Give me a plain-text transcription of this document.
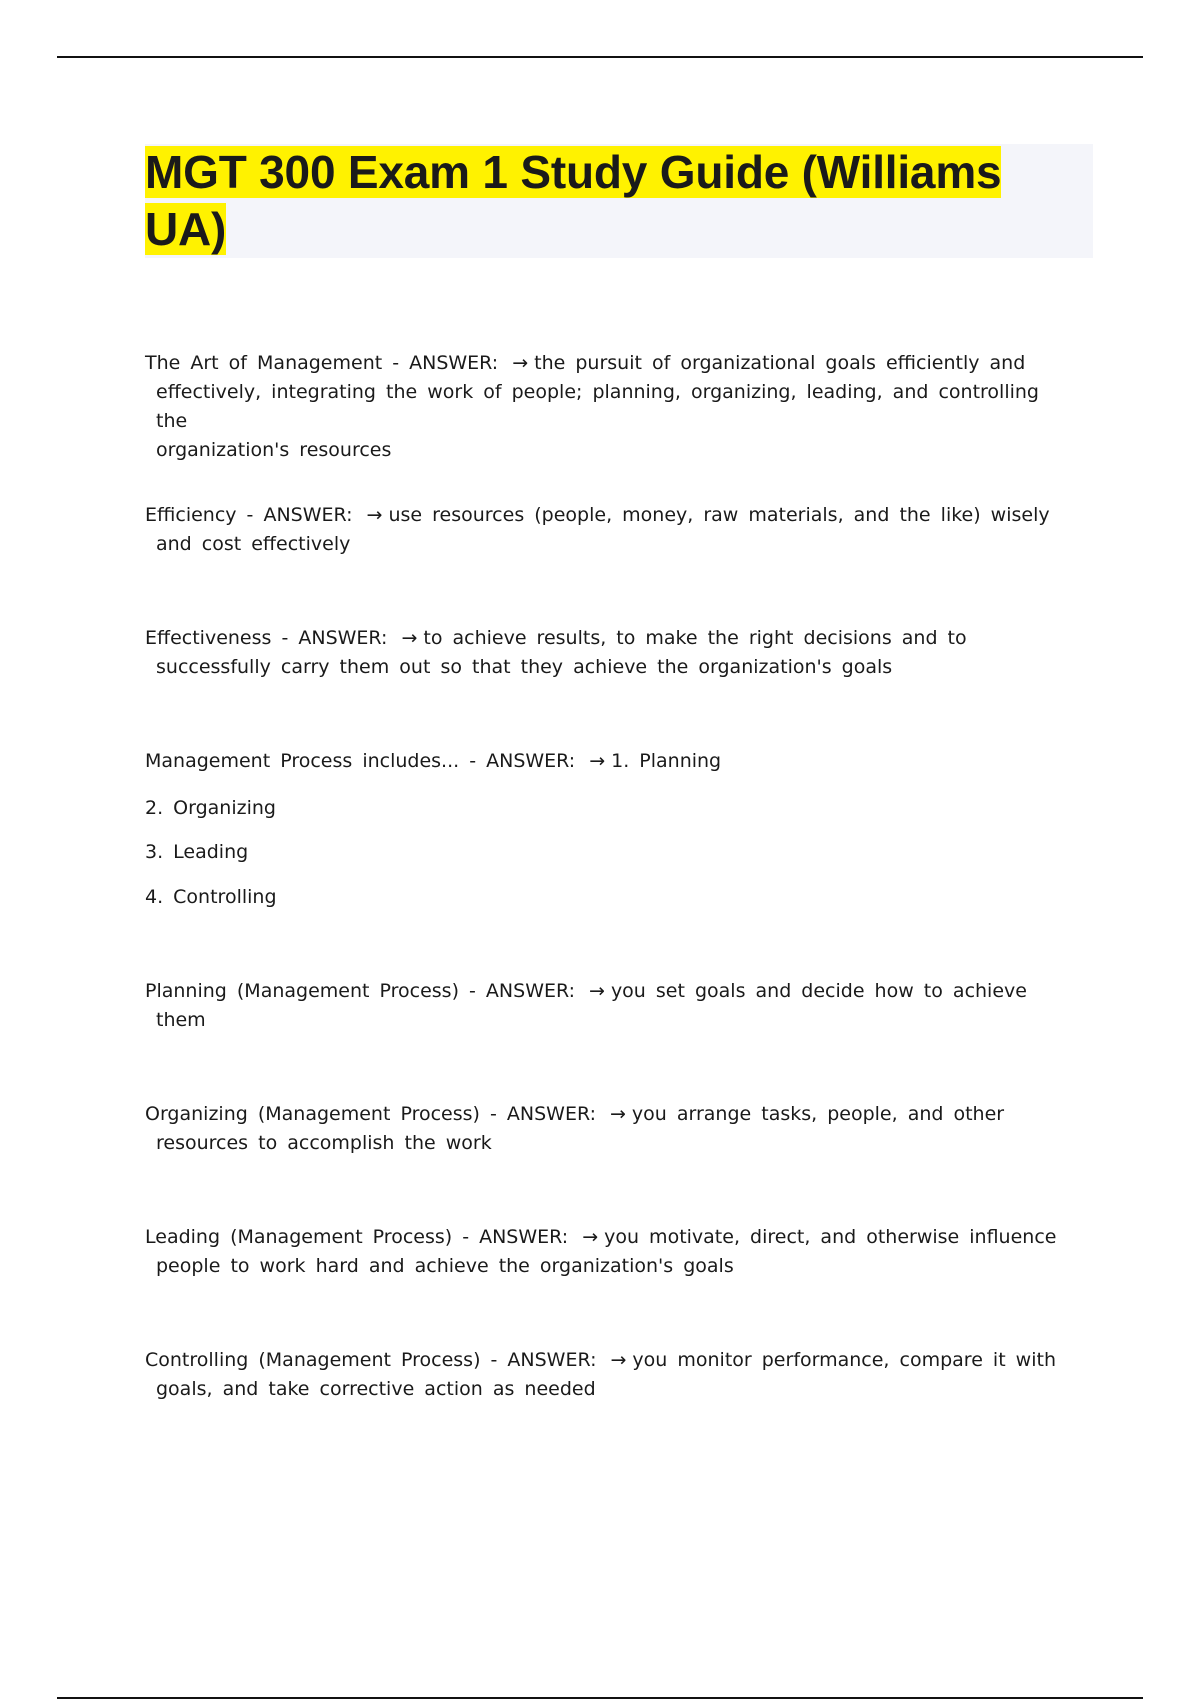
MGT 300 Exam 1 Study Guide (Williams UA)
The Art of Management - ANSWER: → the pursuit of organizational goals efficiently and
effectively, integrating the work of people; planning, organizing, leading, and controlling the
organization's resources
Efficiency - ANSWER: → use resources (people, money, raw materials, and the like) wisely
and cost effectively
Effectiveness - ANSWER: → to achieve results, to make the right decisions and to
successfully carry them out so that they achieve the organization's goals
Management Process includes... - ANSWER: → 1. Planning
2. Organizing
3. Leading
4. Controlling
Planning (Management Process) - ANSWER: → you set goals and decide how to achieve
them
Organizing (Management Process) - ANSWER: → you arrange tasks, people, and other
resources to accomplish the work
Leading (Management Process) - ANSWER: → you motivate, direct, and otherwise influence
people to work hard and achieve the organization's goals
Controlling (Management Process) - ANSWER: → you monitor performance, compare it with
goals, and take corrective action as needed
